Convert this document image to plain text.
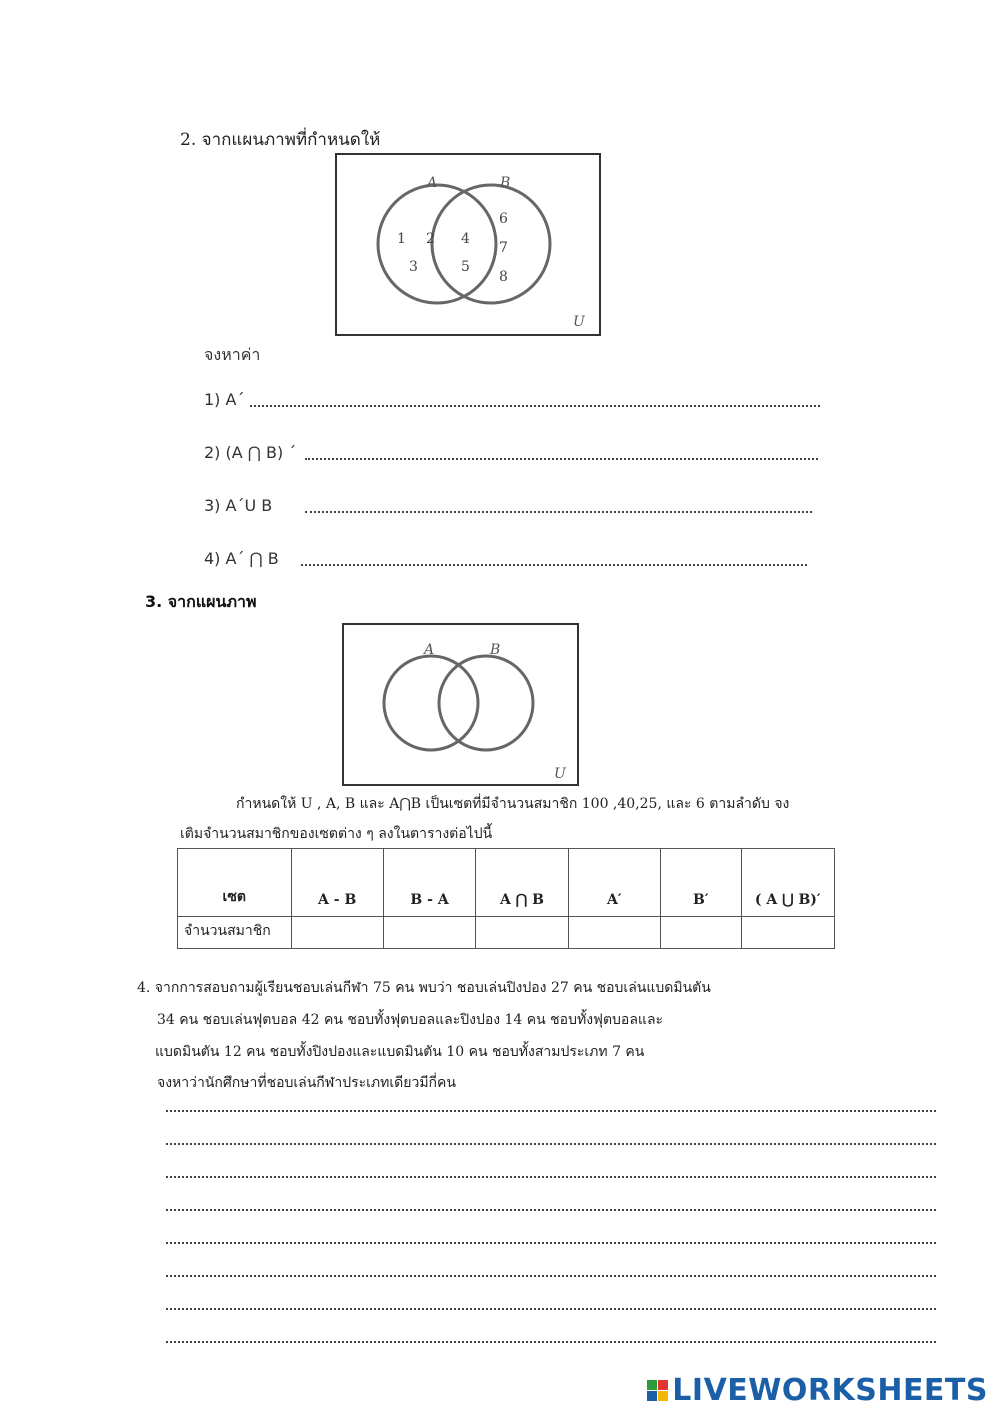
2. จากแผนภาพที่กำหนดให้
A	B
U
1 2
3
4
5
6
7
8
จงหาค่า
1) A´
2) (A ⋂ B) ´
3) A´U B
4) A´ ⋂ B
3. จากแผนภาพ
A	B
U
กำหนดให้ U , A, B และ A⋂B เป็นเซตที่มีจำนวนสมาชิก 100 ,40,25, และ 6 ตามลำดับ จง
เติมจำนวนสมาชิกของเซตต่าง ๆ ลงในตารางต่อไปนี้
เซต	A - B	B - A	A ⋂ B	A′	B′	( A ⋃ B)′
จำนวนสมาชิก						
4. จากการสอบถามผู้เรียนชอบเล่นกีฬา 75 คน พบว่า ชอบเล่นปิงปอง 27 คน ชอบเล่นแบดมินตัน
34 คน ชอบเล่นฟุตบอล 42 คน ชอบทั้งฟุตบอลและปิงปอง 14 คน ชอบทั้งฟุตบอลและ
แบดมินตัน 12 คน ชอบทั้งปิงปองและแบดมินตัน 10 คน ชอบทั้งสามประเภท 7 คน
จงหาว่านักศึกษาที่ชอบเล่นกีฬาประเภทเดียวมีกี่คน
LIVEWORKSHEETS
